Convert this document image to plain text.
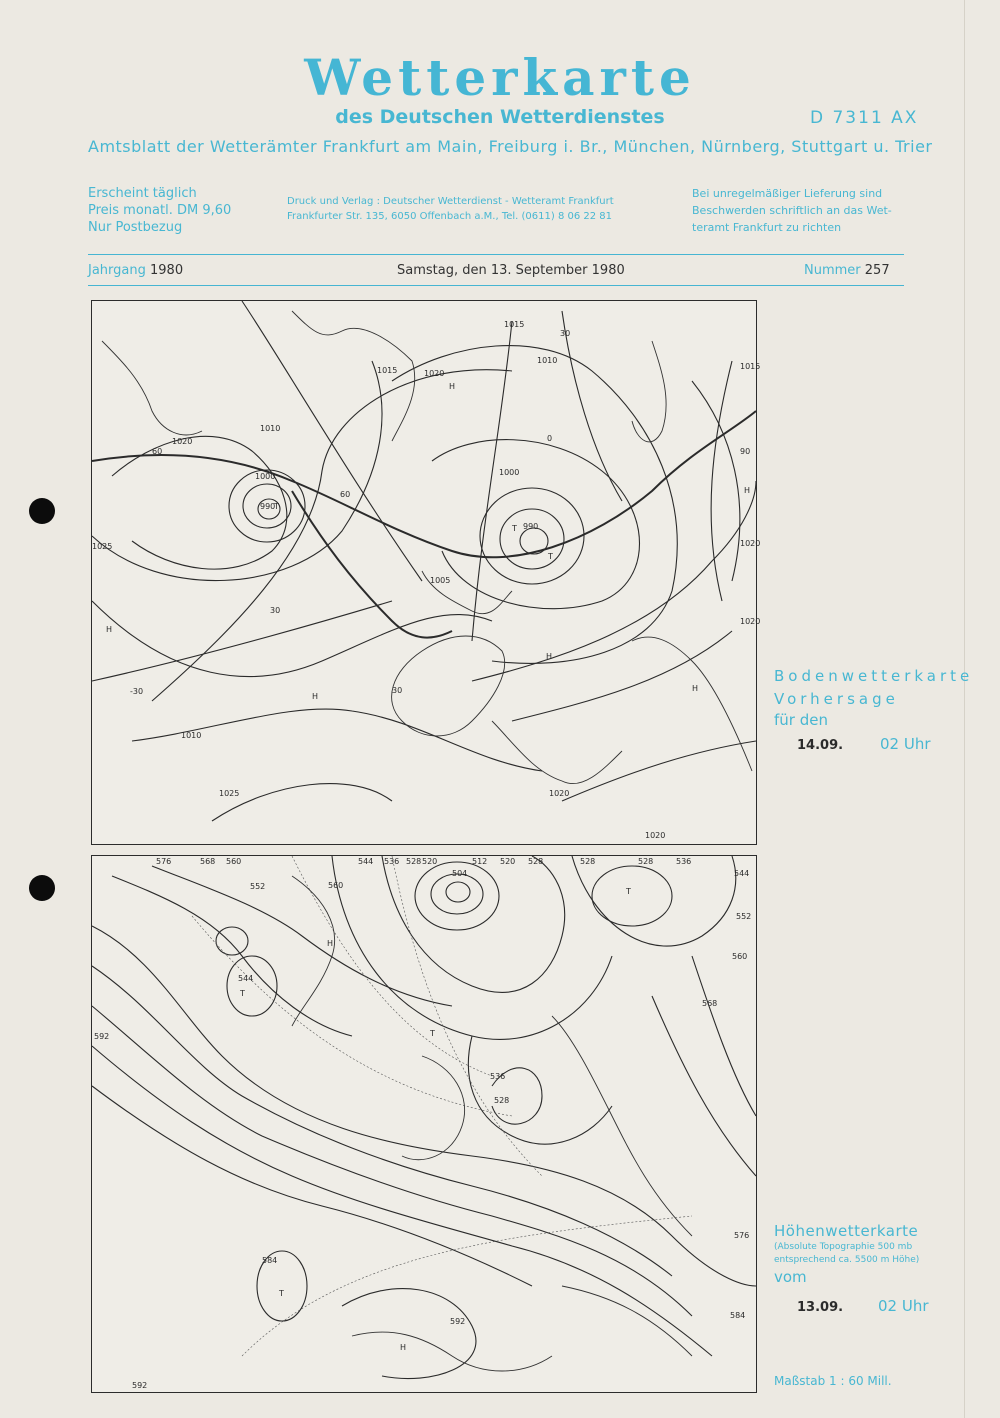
Wetterkarte
des Deutschen Wetterdienstes	D 7311 AX
Amtsblatt der Wetterämter Frankfurt am Main, Freiburg i. Br., München, Nürnberg, Stuttgart u. Trier
Erscheint täglich
Preis monatl. DM 9,60
Nur Postbezug
Druck und Verlag : Deutscher Wetterdienst - Wetteramt Frankfurt
Frankfurter Str. 135, 6050 Offenbach a.M., Tel. (0611) 8 06 22 81
Bei unregelmäßiger Lieferung sind
Beschwerden schriftlich an das Wet-
teramt Frankfurt zu richten
Jahrgang 1980	Samstag, den 13. September 1980	Nummer 257
1015
1010
1015	1020
1020
1010
1000
990
1025
60
60
30
30
1005
1000
990
0
30
90
1020
1020
1010
1025	1020
1020
1015
-30
H
H
H
H
H
H
T
T
T
Bodenwetterkarte
Vorhersage
für den
14.09. 02 Uhr
576	568 560
552
544 536 528 520	512
504
520 528	528	528	536
544
552
560
568
560
544
592
536
528
584
576
584
592
592
H
T
T
T
T
H
Höhenwetterkarte
(Absolute Topographie 500 mb
entsprechend ca. 5500 m Höhe)
vom
13.09. 02 Uhr
Maßstab 1 : 60 Mill.
